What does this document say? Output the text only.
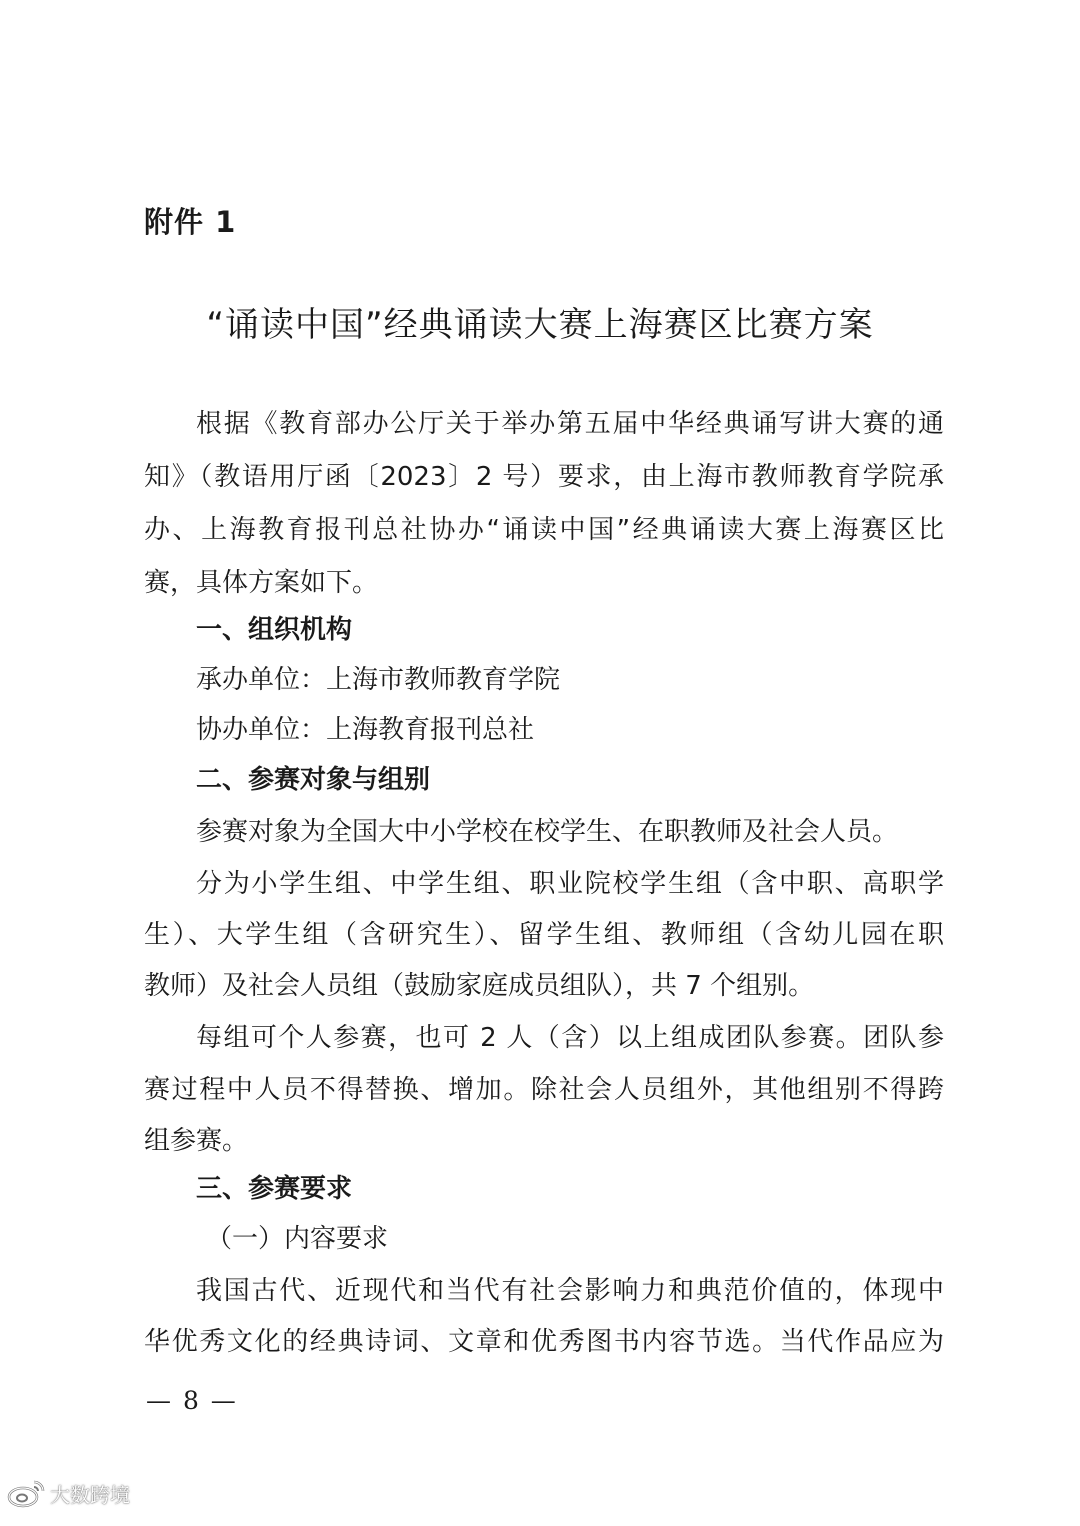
附件 1
“诵读中国”经典诵读大赛上海赛区比赛方案
根据《教育部办公厅关于举办第五届中华经典诵写讲大赛的通
知》（教语用厅函〔2023〕2 号）要求，由上海市教师教育学院承
办、上海教育报刊总社协办“诵读中国”经典诵读大赛上海赛区比
赛，具体方案如下。
一、组织机构
承办单位：上海市教师教育学院
协办单位：上海教育报刊总社
二、参赛对象与组别
参赛对象为全国大中小学校在校学生、在职教师及社会人员。
分为小学生组、中学生组、职业院校学生组（含中职、高职学
生）、大学生组（含研究生）、留学生组、教师组（含幼儿园在职
教师）及社会人员组（鼓励家庭成员组队），共 7 个组别。
每组可个人参赛，也可 2 人（含）以上组成团队参赛。团队参
赛过程中人员不得替换、增加。除社会人员组外，其他组别不得跨
组参赛。
三、参赛要求
（一）内容要求
我国古代、近现代和当代有社会影响力和典范价值的，体现中
华优秀文化的经典诗词、文章和优秀图书内容节选。当代作品应为
— 8 —
大数跨境
